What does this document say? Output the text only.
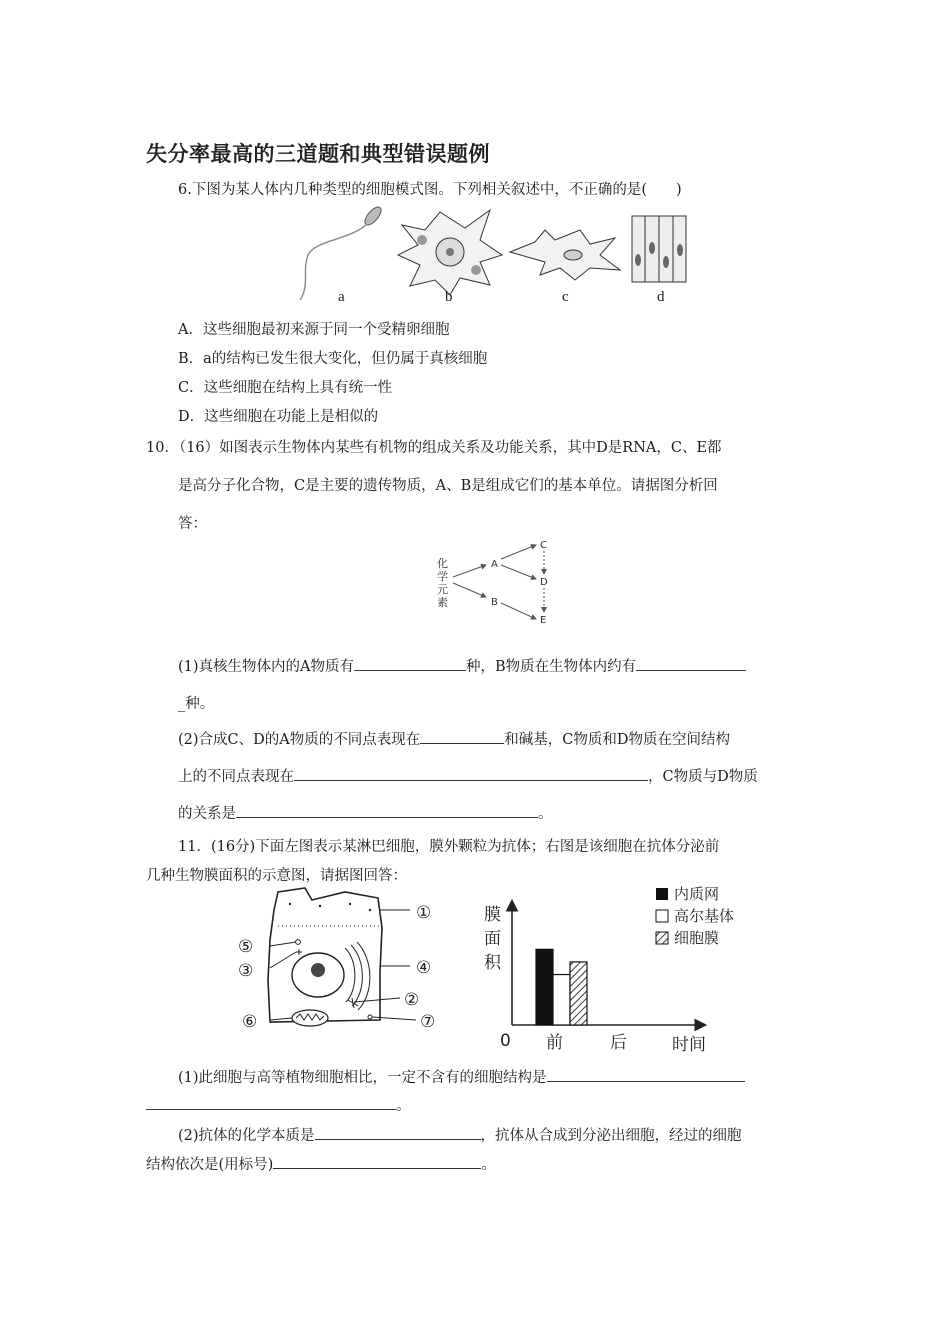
失分率最高的三道题和典型错误题例
6.下图为某人体内几种类型的细胞模式图。下列相关叙述中，不正确的是(　　)
a	b	c	d
A．这些细胞最初来源于同一个受精卵细胞
B．a的结构已发生很大变化，但仍属于真核细胞
C．这些细胞在结构上具有统一性
D．这些细胞在功能上是相似的
10．（16）如图表示生物体内某些有机物的组成关系及功能关系，其中D是RNA，C、E都
是高分子化合物，C是主要的遗传物质，A、B是组成它们的基本单位。请据图分析回
答：
化
学
元
素
A
B
C
D
E
(1)真核生物体内的A物质有	种，B物质在生物体内约有
_种。
(2)合成C、D的A物质的不同点表现在	和碱基，C物质和D物质在空间结构
上的不同点表现在	，C物质与D物质
的关系是	。
11．(16分)下面左图表示某淋巴细胞，膜外颗粒为抗体；右图是该细胞在抗体分泌前
几种生物膜面积的示意图，请据图回答：
①
⑤
③	④
②
⑥	⑦
膜
面
积
0 前	后	时间
内质网
高尔基体
细胞膜
(1)此细胞与高等植物细胞相比，一定不含有的细胞结构是
。
(2)抗体的化学本质是	，抗体从合成到分泌出细胞，经过的细胞
结构依次是(用标号)	。
